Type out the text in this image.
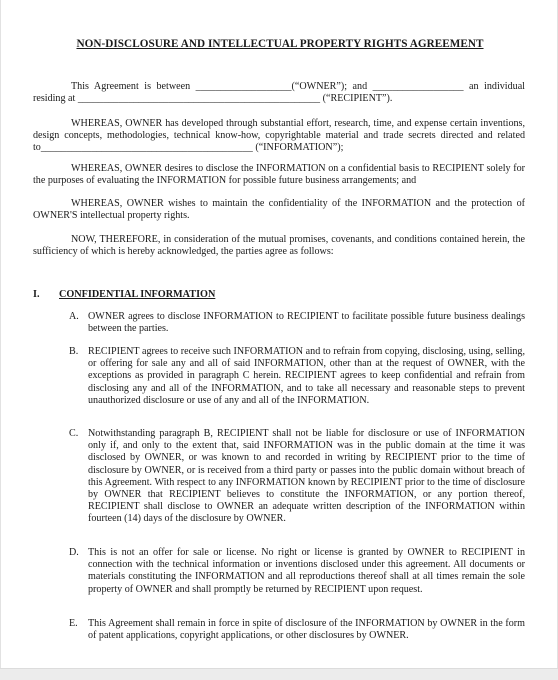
NON-DISCLOSURE AND INTELLECTUAL PROPERTY RIGHTS AGREEMENT

This Agreement is between ___________________(“OWNER”); and __________________ an individual residing at ________________________________________________ (“RECIPIENT”).

WHEREAS, OWNER has developed through substantial effort, research, time, and expense certain inventions, design concepts, methodologies, technical know-how, copyrightable material and trade secrets directed and related to__________________________________________ (“INFORMATION”);

WHEREAS, OWNER desires to disclose the INFORMATION on a confidential basis to RECIPIENT solely for the purposes of evaluating the INFORMATION for possible future business arrangements; and

WHEREAS, OWNER wishes to maintain the confidentiality of the INFORMATION and the protection of OWNER'S intellectual property rights.

NOW, THEREFORE, in consideration of the mutual promises, covenants, and conditions contained herein, the sufficiency of which is hereby acknowledged, the parties agree as follows:

I. CONFIDENTIAL INFORMATION
A. OWNER agrees to disclose INFORMATION to RECIPIENT to facilitate possible future business dealings between the parties.
B. RECIPIENT agrees to receive such INFORMATION and to refrain from copying, disclosing, using, selling, or offering for sale any and all of said INFORMATION, other than at the request of OWNER, with the exceptions as provided in paragraph C herein. RECIPIENT agrees to keep confidential and refrain from disclosing any and all of the INFORMATION, and to take all necessary and reasonable steps to prevent unauthorized disclosure or use of any and all of the INFORMATION.
C. Notwithstanding paragraph B, RECIPIENT shall not be liable for disclosure or use of INFORMATION only if, and only to the extent that, said INFORMATION was in the public domain at the time it was disclosed by OWNER, or was known to and recorded in writing by RECIPIENT prior to the time of disclosure by OWNER, or is received from a third party or passes into the public domain without breach of this Agreement. With respect to any INFORMATION known by RECIPIENT prior to the time of disclosure by OWNER that RECIPIENT believes to constitute the INFORMATION, or any portion thereof, RECIPIENT shall disclose to OWNER an adequate written description of the INFORMATION within fourteen (14) days of the disclosure by OWNER.
D. This is not an offer for sale or license. No right or license is granted by OWNER to RECIPIENT in connection with the technical information or inventions disclosed under this agreement. All documents or materials constituting the INFORMATION and all reproductions thereof shall at all times remain the sole property of OWNER and shall promptly be returned by RECIPIENT upon request.
E. This Agreement shall remain in force in spite of disclosure of the INFORMATION by OWNER in the form of patent applications, copyright applications, or other disclosures by OWNER.
